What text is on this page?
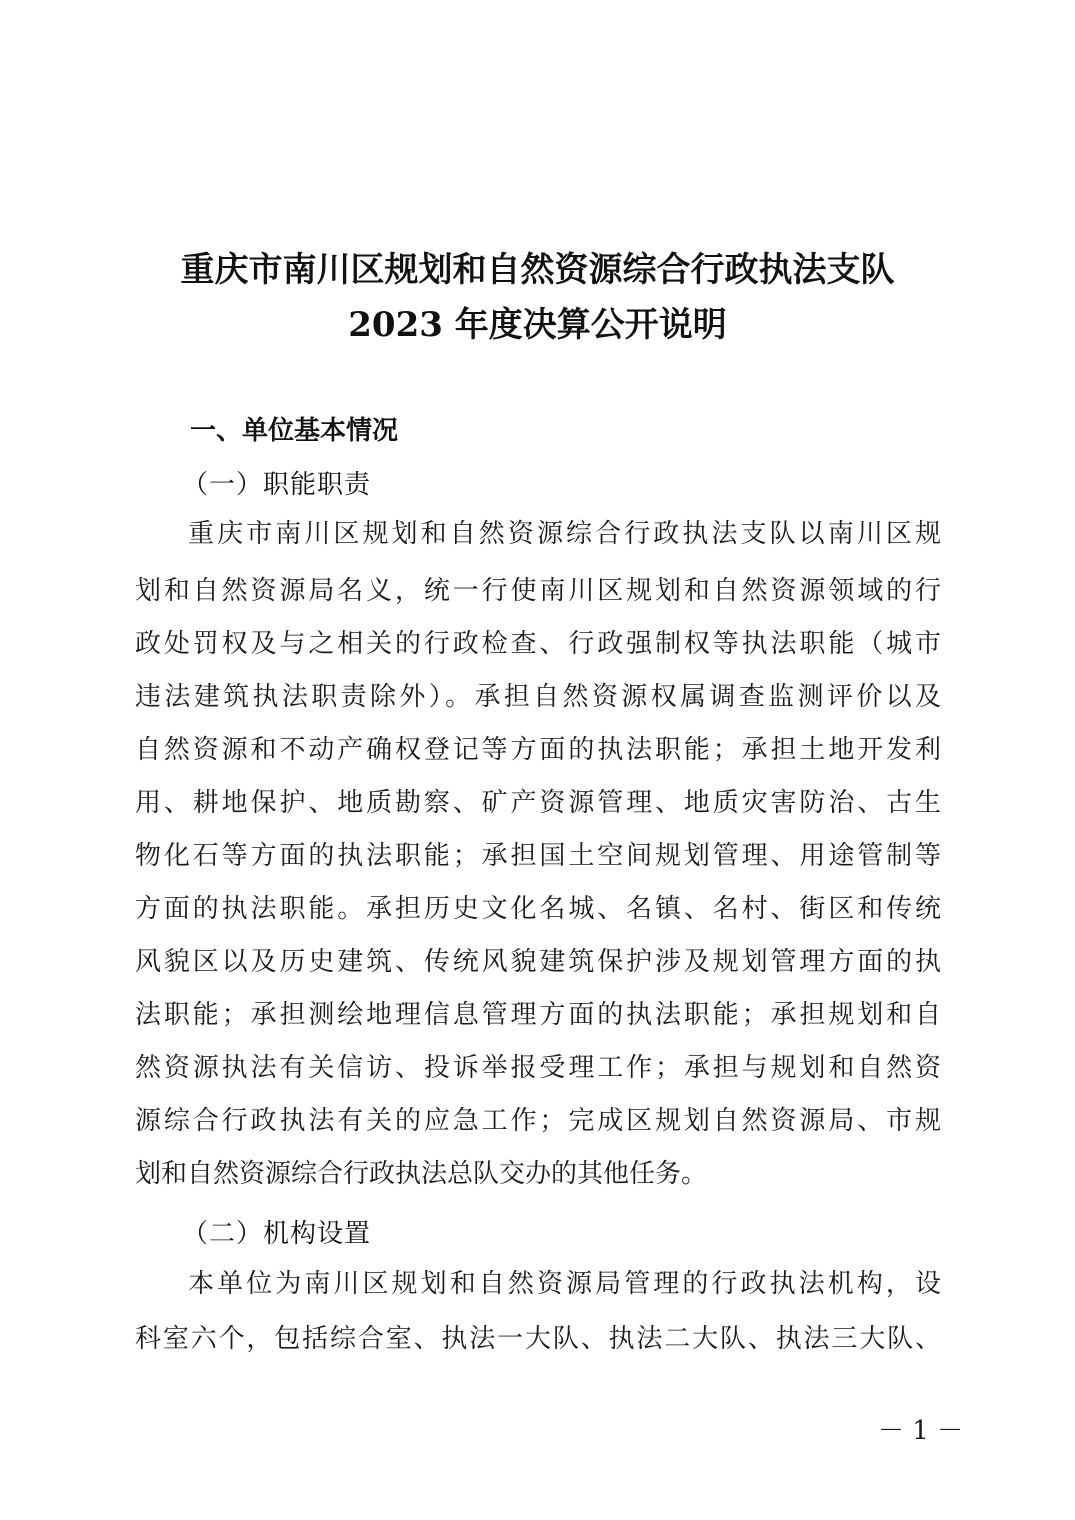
重庆市南川区规划和自然资源综合行政执法支队
2023 年度决算公开说明
一、单位基本情况
（一）职能职责
重庆市南川区规划和自然资源综合行政执法支队以南川区规
划和自然资源局名义，统一行使南川区规划和自然资源领域的行
政处罚权及与之相关的行政检查、行政强制权等执法职能（城市
违法建筑执法职责除外）。承担自然资源权属调查监测评价以及
自然资源和不动产确权登记等方面的执法职能；承担土地开发利
用、耕地保护、地质勘察、矿产资源管理、地质灾害防治、古生
物化石等方面的执法职能；承担国土空间规划管理、用途管制等
方面的执法职能。承担历史文化名城、名镇、名村、街区和传统
风貌区以及历史建筑、传统风貌建筑保护涉及规划管理方面的执
法职能；承担测绘地理信息管理方面的执法职能；承担规划和自
然资源执法有关信访、投诉举报受理工作；承担与规划和自然资
源综合行政执法有关的应急工作；完成区规划自然资源局、市规
划和自然资源综合行政执法总队交办的其他任务。
（二）机构设置
本单位为南川区规划和自然资源局管理的行政执法机构，设
科室六个，包括综合室、执法一大队、执法二大队、执法三大队、
－ 1 －
